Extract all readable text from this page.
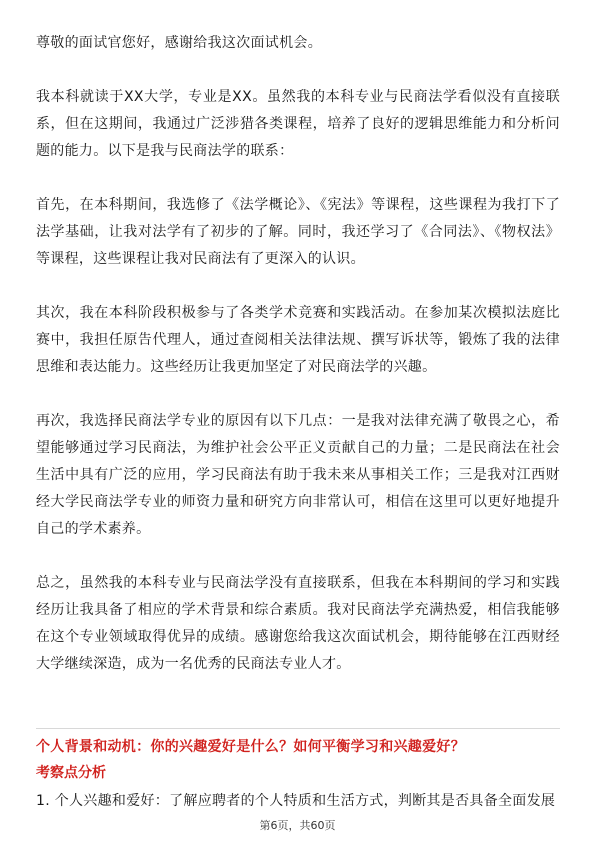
尊敬的面试官您好，感谢给我这次面试机会。

我本科就读于XX大学，专业是XX。虽然我的本科专业与民商法学看似没有直接联系，但在这期间，我通过广泛涉猎各类课程，培养了良好的逻辑思维能力和分析问题的能力。以下是我与民商法学的联系：

首先，在本科期间，我选修了《法学概论》、《宪法》等课程，这些课程为我打下了法学基础，让我对法学有了初步的了解。同时，我还学习了《合同法》、《物权法》等课程，这些课程让我对民商法有了更深入的认识。

其次，我在本科阶段积极参与了各类学术竞赛和实践活动。在参加某次模拟法庭比赛中，我担任原告代理人，通过查阅相关法律法规、撰写诉状等，锻炼了我的法律思维和表达能力。这些经历让我更加坚定了对民商法学的兴趣。

再次，我选择民商法学专业的原因有以下几点：一是我对法律充满了敬畏之心，希望能够通过学习民商法，为维护社会公平正义贡献自己的力量；二是民商法在社会生活中具有广泛的应用，学习民商法有助于我未来从事相关工作；三是我对江西财经大学民商法学专业的师资力量和研究方向非常认可，相信在这里可以更好地提升自己的学术素养。

总之，虽然我的本科专业与民商法学没有直接联系，但我在本科期间的学习和实践经历让我具备了相应的学术背景和综合素质。我对民商法学充满热爱，相信我能够在这个专业领域取得优异的成绩。感谢您给我这次面试机会，期待能够在江西财经大学继续深造，成为一名优秀的民商法专业人才。

个人背景和动机：你的兴趣爱好是什么？如何平衡学习和兴趣爱好？
考察点分析
1. 个人兴趣和爱好：了解应聘者的个人特质和生活方式，判断其是否具备全面发展
第6页，共60页
